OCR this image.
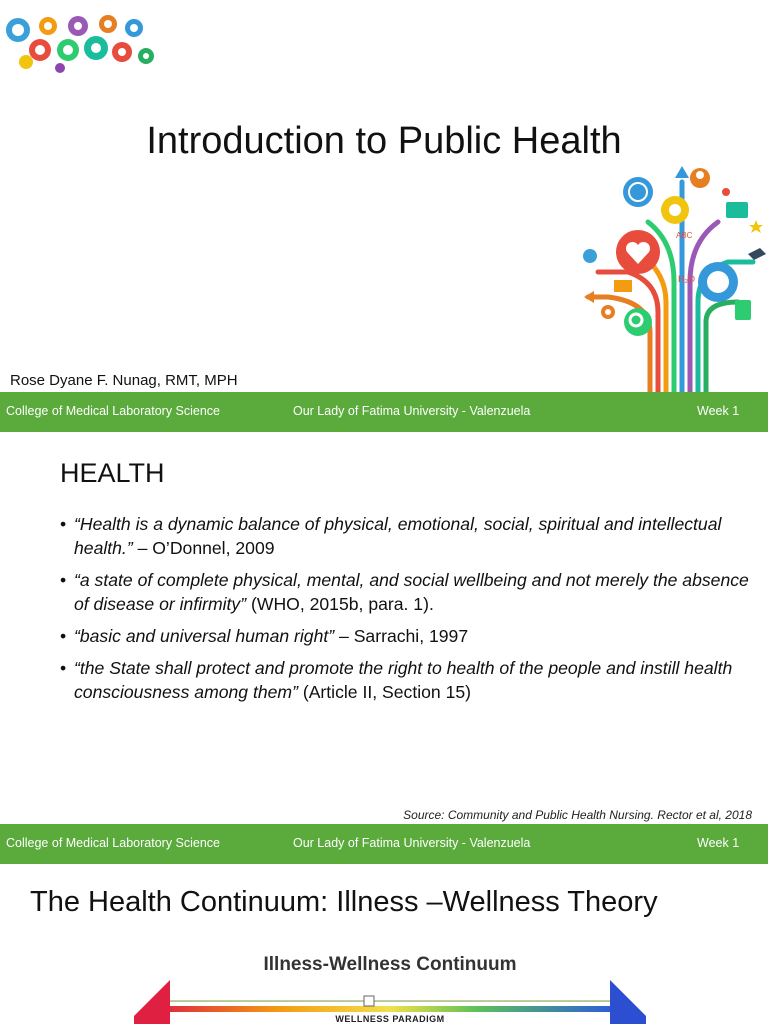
Introduction to Public Health
ABC
H₂O
Rose Dyane F. Nunag, RMT, MPH
College of Medical Laboratory Science	Our Lady of Fatima University - Valenzuela	Week 1
HEALTH
• “Health is a dynamic balance of physical, emotional, social, spiritual and intellectual health.” – O’Donnel, 2009
• “a state of complete physical, mental, and social wellbeing and not merely the absence of disease or infirmity” (WHO, 2015b, para. 1).
• “basic and universal human right” – Sarrachi, 1997
• “the State shall protect and promote the right to health of the people and instill health consciousness among them” (Article II, Section 15)
Source: Community and Public Health Nursing. Rector et al, 2018
College of Medical Laboratory Science	Our Lady of Fatima University - Valenzuela	Week 1
The Health Continuum: Illness –Wellness Theory
Illness-Wellness Continuum
WELLNESS PARADIGM
